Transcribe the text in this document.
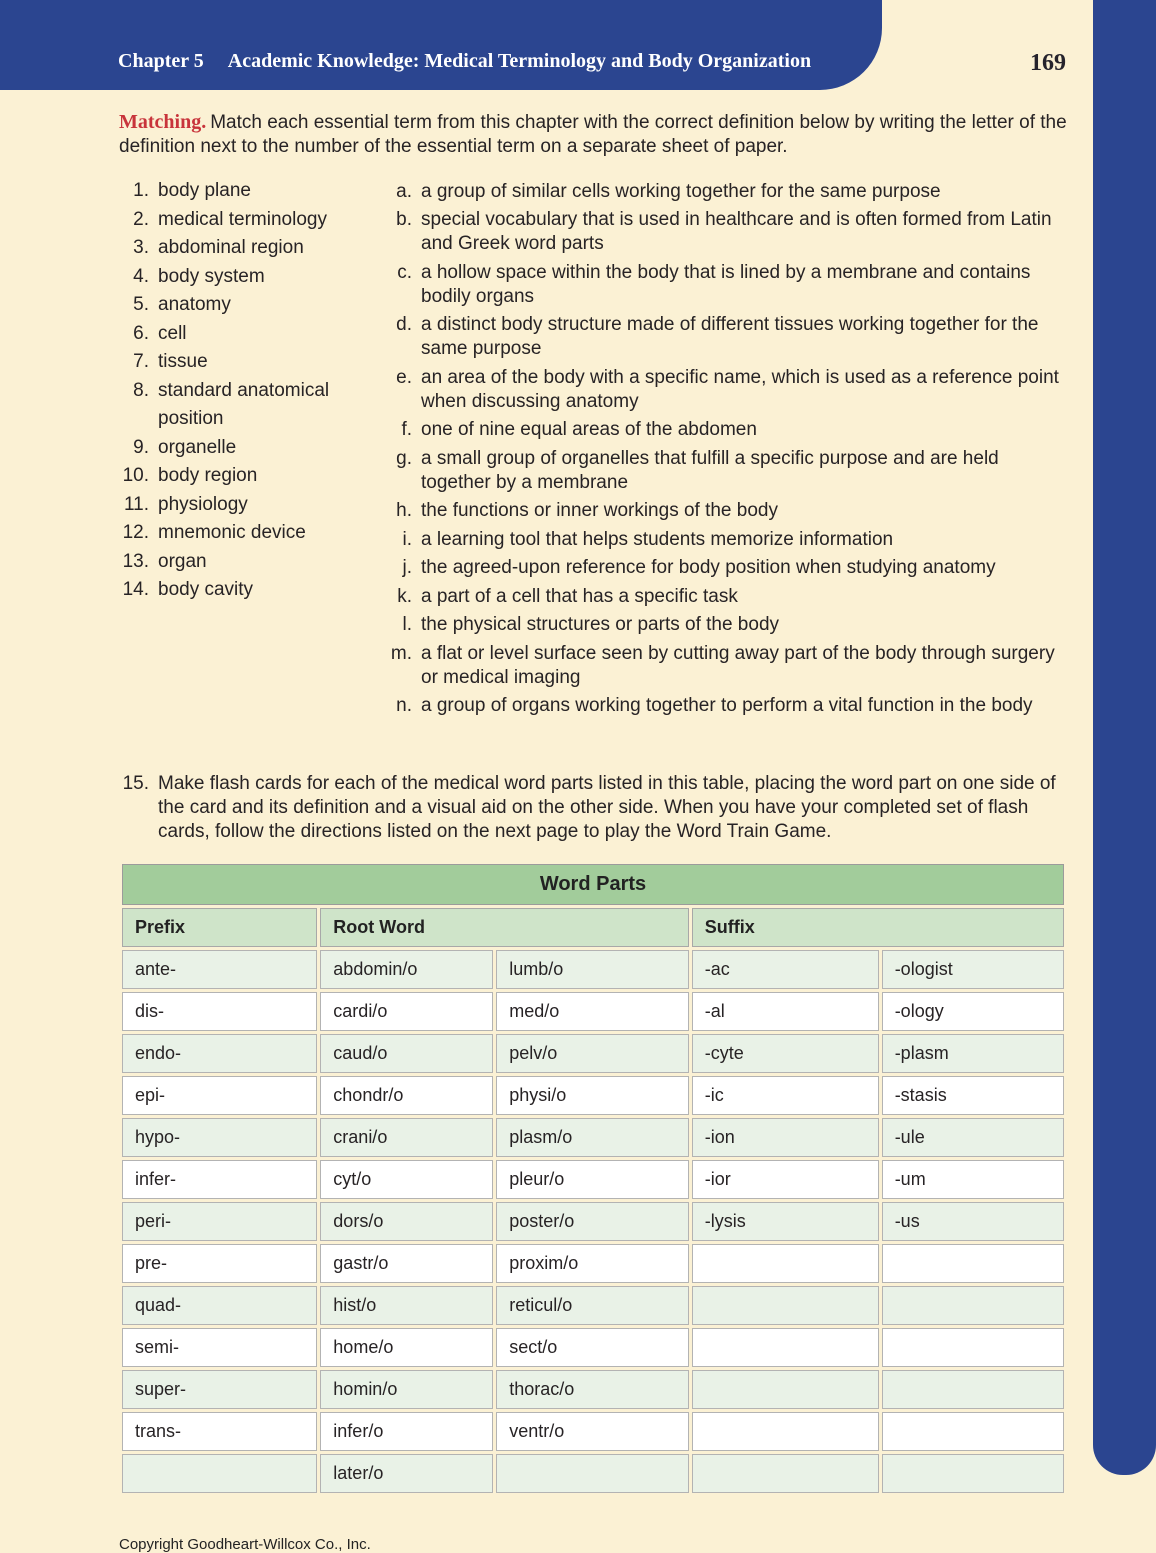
Chapter 5 Academic Knowledge: Medical Terminology and Body Organization	169

Matching. Match each essential term from this chapter with the correct definition below by writing the letter of the definition next to the number of the essential term on a separate sheet of paper.

1. body plane
2. medical terminology
3. abdominal region
4. body system
5. anatomy
6. cell
7. tissue
8. standard anatomical position
9. organelle
10. body region
11. physiology
12. mnemonic device
13. organ
14. body cavity
a. a group of similar cells working together for the same purpose
b. special vocabulary that is used in healthcare and is often formed from Latin and Greek word parts
c. a hollow space within the body that is lined by a membrane and contains bodily organs
d. a distinct body structure made of different tissues working together for the same purpose
e. an area of the body with a specific name, which is used as a reference point when discussing anatomy
f. one of nine equal areas of the abdomen
g. a small group of organelles that fulfill a specific purpose and are held together by a membrane
h. the functions or inner workings of the body
i. a learning tool that helps students memorize information
j. the agreed-upon reference for body position when studying anatomy
k. a part of a cell that has a specific task
l. the physical structures or parts of the body
m. a flat or level surface seen by cutting away part of the body through surgery or medical imaging
n. a group of organs working together to perform a vital function in the body
15. Make flash cards for each of the medical word parts listed in this table, placing the word part on one side of the card and its definition and a visual aid on the other side. When you have your completed set of flash cards, follow the directions listed on the next page to play the Word Train Game.
Word Parts				
Prefix	Root Word		Suffix	
ante-	abdomin/o	lumb/o	-ac	-ologist
dis-	cardi/o	med/o	-al	-ology
endo-	caud/o	pelv/o	-cyte	-plasm
epi-	chondr/o	physi/o	-ic	-stasis
hypo-	crani/o	plasm/o	-ion	-ule
infer-	cyt/o	pleur/o	-ior	-um
peri-	dors/o	poster/o	-lysis	-us
pre-	gastr/o	proxim/o		
quad-	hist/o	reticul/o		
semi-	home/o	sect/o		
super-	homin/o	thorac/o		
trans-	infer/o	ventr/o		
	later/o			
Copyright Goodheart-Willcox Co., Inc.
